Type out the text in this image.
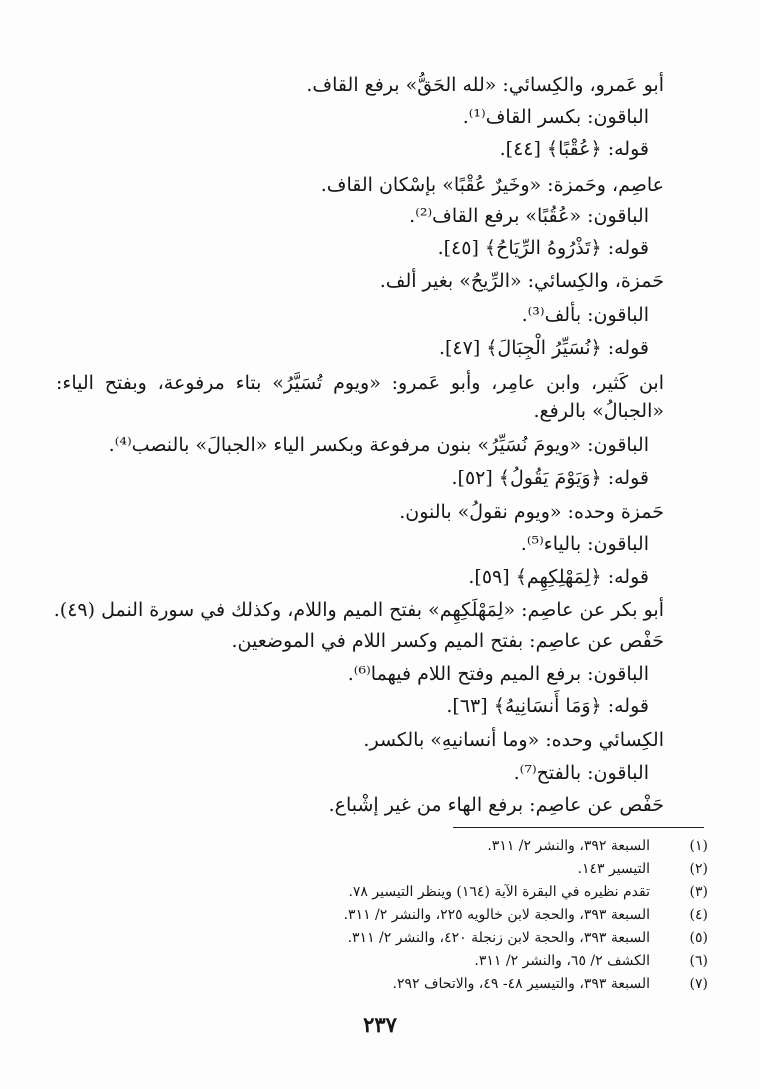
أبو عَمرو، والكِسائي: «لله الحَقُّ» برفع القاف.
الباقون: بكسر القاف⁽¹⁾.
قوله: ﴿عُقْبًا﴾ [٤٤].
عاصِم، وحَمزة: «وخَيرٌ عُقْبًا» بإسْكان القاف.
الباقون: «عُقُبًا» برفع القاف⁽²⁾.
قوله: ﴿تَذْرُوهُ الرِّيَاحُ﴾ [٤٥].
حَمزة، والكِسائي: «الرِّيحُ» بغير ألف.
الباقون: بألف⁽³⁾.
قوله: ﴿نُسَيِّرُ الْجِبَالَ﴾ [٤٧].
ابن كَثير، وابن عامِر، وأبو عَمرو: «ويوم تُسَيَّرُ» بتاء مرفوعة، وبفتح الياء:
«الجبالُ» بالرفع.
الباقون: «ويومَ نُسَيِّرُ» بنون مرفوعة وبكسر الياء «الجبالَ» بالنصب⁽⁴⁾.
قوله: ﴿وَيَوْمَ يَقُولُ﴾ [٥٢].
حَمزة وحده: «ويوم نقولُ» بالنون.
الباقون: بالياء⁽⁵⁾.
قوله: ﴿لِمَهْلِكِهِم﴾ [٥٩].
أبو بكر عن عاصِم: «لِمَهْلَكِهِم» بفتح الميم واللام، وكذلك في سورة النمل (٤٩).
حَفْص عن عاصِم: بفتح الميم وكسر اللام في الموضعين.
الباقون: برفع الميم وفتح اللام فيهما⁽⁶⁾.
قوله: ﴿وَمَا أَنسَانِيهُ﴾ [٦٣].
الكِسائي وحده: «وما أنسانيهِ» بالكسر.
الباقون: بالفتح⁽⁷⁾.
حَفْص عن عاصِم: برفع الهاء من غير إشْباع.
(١)
السبعة ٣٩٢، والنشر ٢/ ٣١١.
(٢)
التيسير ١٤٣.
(٣)
تقدم نظيره في البقرة الآية (١٦٤) وينظر التيسير ٧٨.
(٤)
السبعة ٣٩٣، والحجة لابن خالويه ٢٢٥، والنشر ٢/ ٣١١.
(٥)
السبعة ٣٩٣، والحجة لابن زنجلة ٤٢٠، والنشر ٢/ ٣١١.
(٦)
الكشف ٢/ ٦٥، والنشر ٢/ ٣١١.
(٧)
السبعة ٣٩٣، والتيسير ٤٨- ٤٩، والاتحاف ٢٩٢.
٢٣٧
